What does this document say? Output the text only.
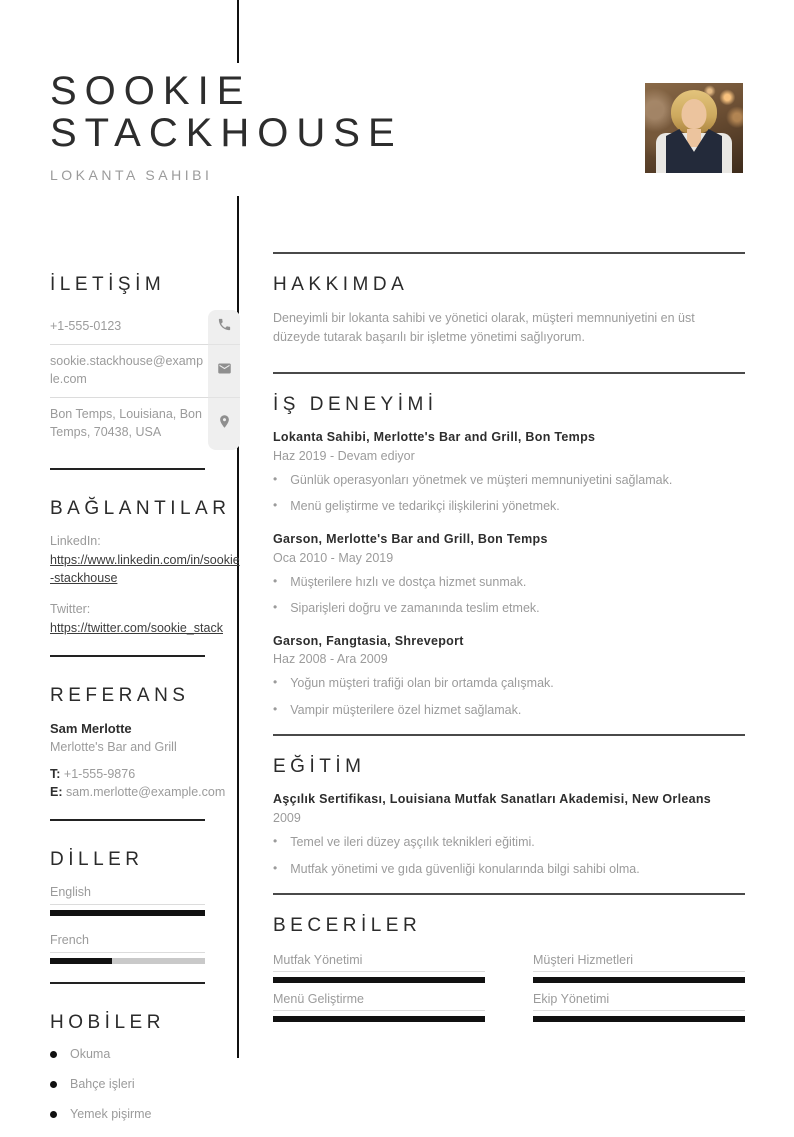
SOOKIE
STACKHOUSE
LOKANTA SAHIBI
İLETİŞİM
+1-555-0123
sookie.stackhouse@example.com
Bon Temps, Louisiana, Bon Temps, 70438, USA
BAĞLANTILAR
LinkedIn:
https://www.linkedin.com/in/sookie-stackhouse
Twitter:
https://twitter.com/sookie_stack
REFERANS
Sam Merlotte
Merlotte's Bar and Grill
T: +1-555-9876
E: sam.merlotte@example.com
DİLLER
English
French
HOBİLER
Okuma
Bahçe işleri
Yemek pişirme
HAKKIMDA
Deneyimli bir lokanta sahibi ve yönetici olarak, müşteri memnuniyetini en üst düzeyde tutarak başarılı bir işletme yönetimi sağlıyorum.
İŞ DENEYİMİ
Lokanta Sahibi, Merlotte's Bar and Grill, Bon Temps
Haz 2019 - Devam ediyor
• Günlük operasyonları yönetmek ve müşteri memnuniyetini sağlamak.
• Menü geliştirme ve tedarikçi ilişkilerini yönetmek.
Garson, Merlotte's Bar and Grill, Bon Temps
Oca 2010 - May 2019
• Müşterilere hızlı ve dostça hizmet sunmak.
• Siparişleri doğru ve zamanında teslim etmek.
Garson, Fangtasia, Shreveport
Haz 2008 - Ara 2009
• Yoğun müşteri trafiği olan bir ortamda çalışmak.
• Vampir müşterilere özel hizmet sağlamak.
EĞİTİM
Aşçılık Sertifikası, Louisiana Mutfak Sanatları Akademisi, New Orleans
2009
• Temel ve ileri düzey aşçılık teknikleri eğitimi.
• Mutfak yönetimi ve gıda güvenliği konularında bilgi sahibi olma.
BECERİLER
Mutfak Yönetimi	Müşteri Hizmetleri
Menü Geliştirme	Ekip Yönetimi
